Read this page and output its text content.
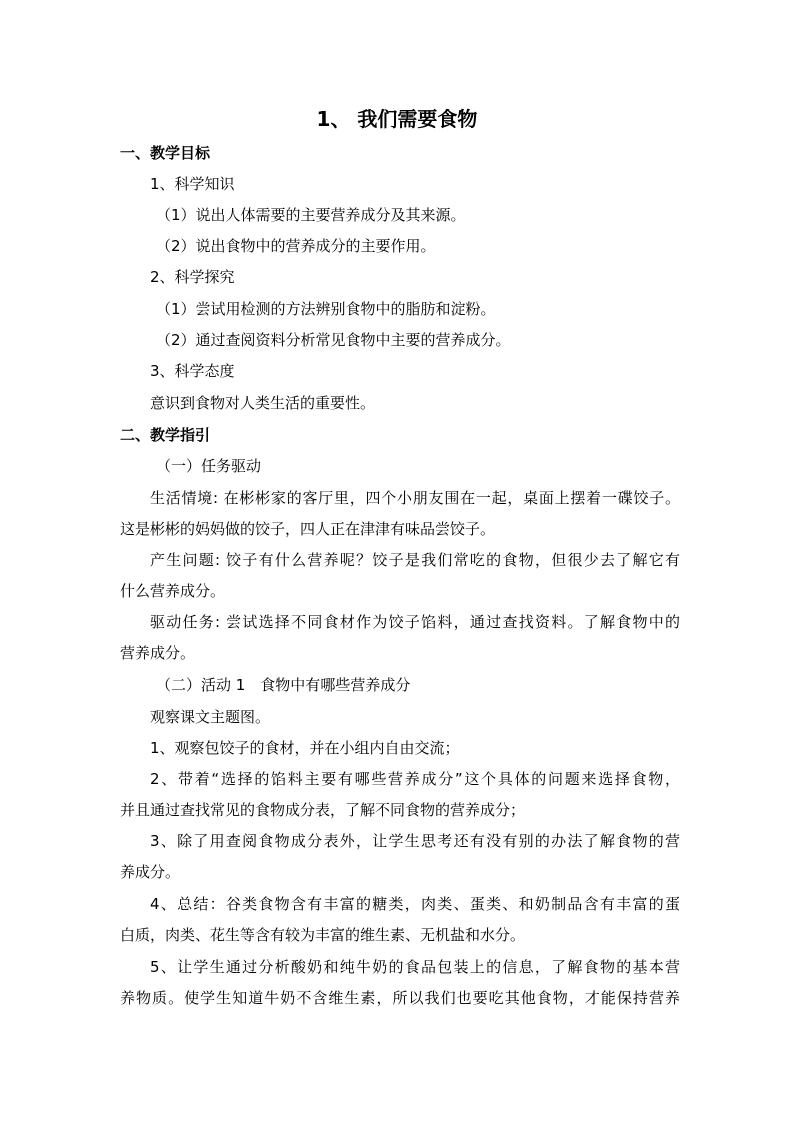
1、 我们需要食物

一、教学目标

1、科学知识

（1）说出人体需要的主要营养成分及其来源。

（2）说出食物中的营养成分的主要作用。

2、科学探究

（1）尝试用检测的方法辨别食物中的脂肪和淀粉。

（2）通过查阅资料分析常见食物中主要的营养成分。

3、科学态度

意识到食物对人类生活的重要性。

二、教学指引

（一）任务驱动

生活情境: 在彬彬家的客厅里，四个小朋友围在一起，桌面上摆着一碟饺子。

这是彬彬的妈妈做的饺子，四人正在津津有味品尝饺子。

产生问题: 饺子有什么营养呢？饺子是我们常吃的食物，但很少去了解它有

什么营养成分。

驱动任务: 尝试选择不同食材作为饺子馅料，通过查找资料。了解食物中的

营养成分。

（二）活动 1　食物中有哪些营养成分

观察课文主题图。

1、观察包饺子的食材，并在小组内自由交流；

2、带着“选择的馅料主要有哪些营养成分”这个具体的问题来选择食物，

并且通过查找常见的食物成分表，了解不同食物的营养成分；

3、除了用查阅食物成分表外，让学生思考还有没有别的办法了解食物的营

养成分。

4、总结：谷类食物含有丰富的糖类，肉类、蛋类、和奶制品含有丰富的蛋

白质，肉类、花生等含有较为丰富的维生素、无机盐和水分。

5、让学生通过分析酸奶和纯牛奶的食品包装上的信息，了解食物的基本营

养物质。使学生知道牛奶不含维生素，所以我们也要吃其他食物，才能保持营养
